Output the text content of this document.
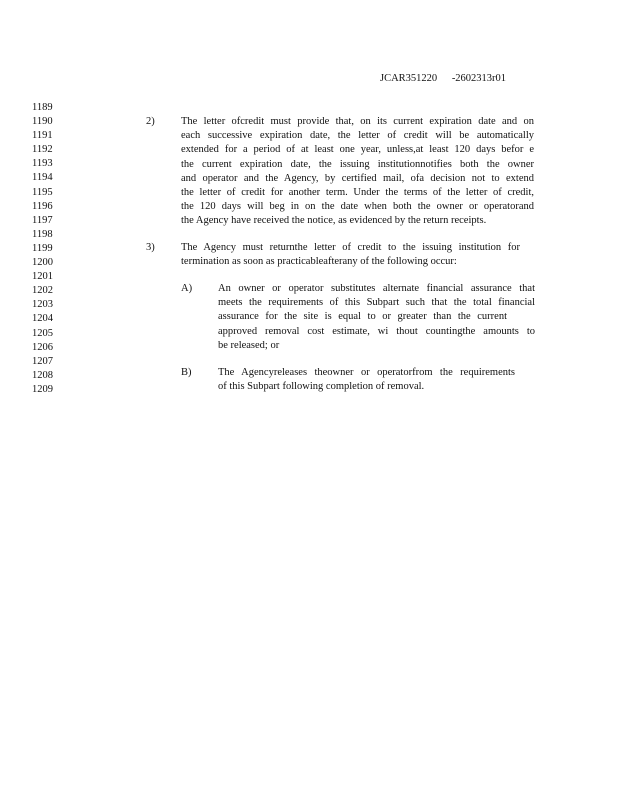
JCAR351220 -2602313r01
1189
1190
1191
1192
1193
1194
1195
1196
1197
1198
1199
1200
1201
1202
1203
1204
1205
1206
1207
1208
1209
2)	The letter ofcredit must provide that, on its current expiration date and on
each successive expiration date, the letter of credit will be automatically
extended for a period of at least one year, unless,at least 120 days befor e
the current expiration date, the issuing institutionnotifies both the owner
and operator and the Agency, by certified mail, ofa decision not to extend
the letter of credit for another term. Under the terms of the letter of credit,
the 120 days will beg in on the date when both the owner or operatorand
the Agency have received the notice, as evidenced by the return receipts.
3)	The Agency must returnthe letter of credit to the issuing institution for
termination as soon as practicableafterany of the following occur:
A) An owner or operator substitutes alternate financial assurance that
meets the requirements of this Subpart such that the total financial
assurance for the site is equal to or greater than the current
approved removal cost estimate, wi thout countingthe amounts to
be released; or
B)	The Agencyreleases theowner or operatorfrom the requirements
of this Subpart following completion of removal.
